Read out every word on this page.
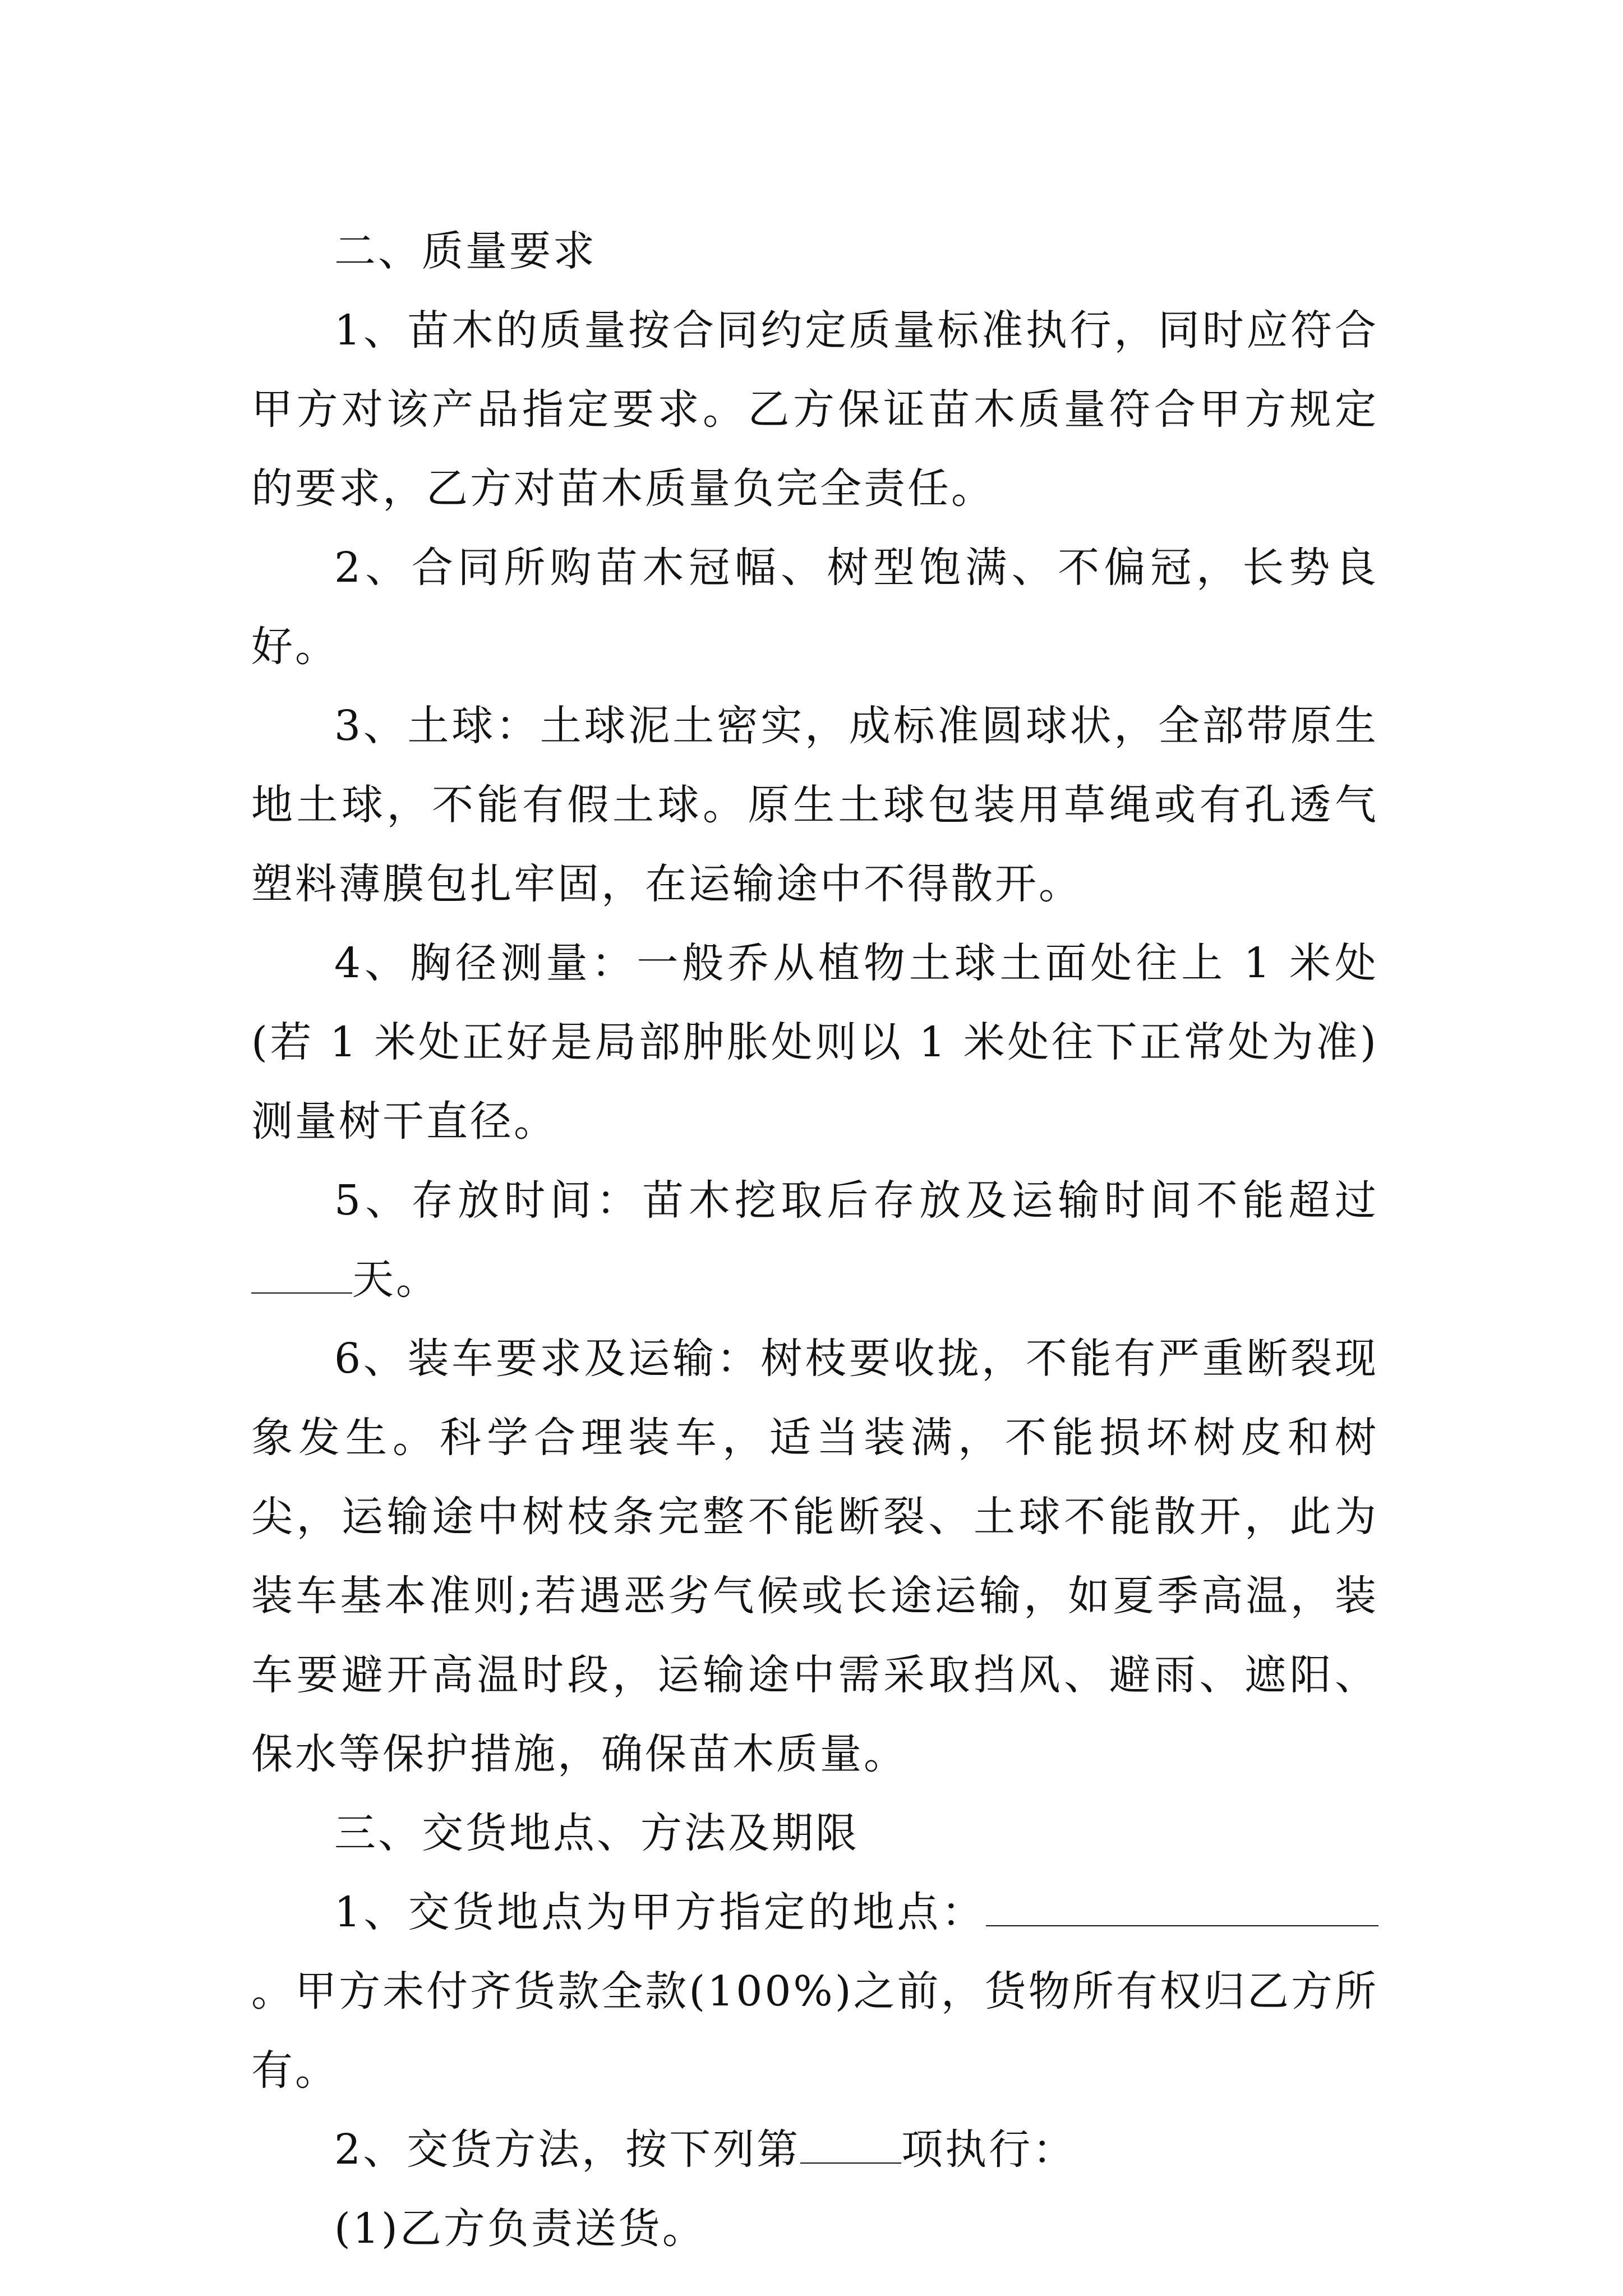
二、质量要求

1、苗木的质量按合同约定质量标准执行，同时应符合甲方对该产品指定要求。乙方保证苗木质量符合甲方规定的要求，乙方对苗木质量负完全责任。

2、合同所购苗木冠幅、树型饱满、不偏冠，长势良好。

3、土球：土球泥土密实，成标准圆球状，全部带原生地土球，不能有假土球。原生土球包装用草绳或有孔透气塑料薄膜包扎牢固，在运输途中不得散开。

4、胸径测量：一般乔从植物土球土面处往上 1 米处(若 1 米处正好是局部肿胀处则以 1 米处往下正常处为准)测量树干直径。

5、存放时间：苗木挖取后存放及运输时间不能超过天。

6、装车要求及运输：树枝要收拢，不能有严重断裂现象发生。科学合理装车，适当装满，不能损坏树皮和树尖，运输途中树枝条完整不能断裂、土球不能散开，此为装车基本准则;若遇恶劣气候或长途运输，如夏季高温，装车要避开高温时段，运输途中需采取挡风、避雨、遮阳、保水等保护措施，确保苗木质量。

三、交货地点、方法及期限

1、交货地点为甲方指定的地点：。甲方未付齐货款全款(100%)之前，货物所有权归乙方所有。

2、交货方法，按下列第 项执行：

(1)乙方负责送货。
